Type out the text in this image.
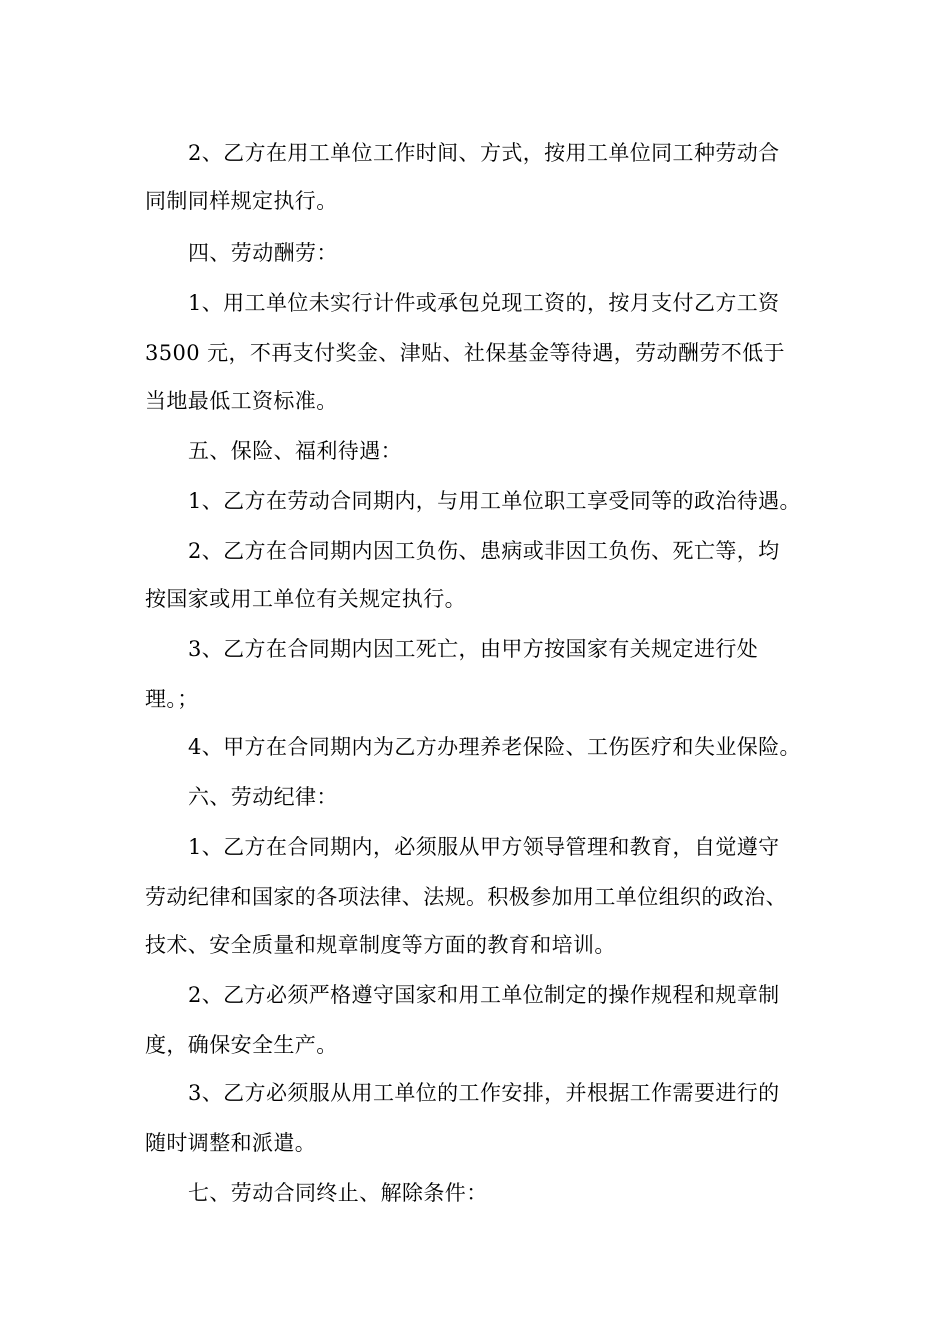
2、乙方在用工单位工作时间、方式，按用工单位同工种劳动合
同制同样规定执行。
四、劳动酬劳：
1、用工单位未实行计件或承包兑现工资的，按月支付乙方工资
3500 元，不再支付奖金、津贴、社保基金等待遇，劳动酬劳不低于
当地最低工资标准。
五、保险、福利待遇：
1、乙方在劳动合同期内，与用工单位职工享受同等的政治待遇。
2、乙方在合同期内因工负伤、患病或非因工负伤、死亡等，均
按国家或用工单位有关规定执行。
3、乙方在合同期内因工死亡，由甲方按国家有关规定进行处
理。；
4、甲方在合同期内为乙方办理养老保险、工伤医疗和失业保险。
六、劳动纪律：
1、乙方在合同期内，必须服从甲方领导管理和教育，自觉遵守
劳动纪律和国家的各项法律、法规。积极参加用工单位组织的政治、
技术、安全质量和规章制度等方面的教育和培训。
2、乙方必须严格遵守国家和用工单位制定的操作规程和规章制
度，确保安全生产。
3、乙方必须服从用工单位的工作安排，并根据工作需要进行的
随时调整和派遣。
七、劳动合同终止、解除条件：
